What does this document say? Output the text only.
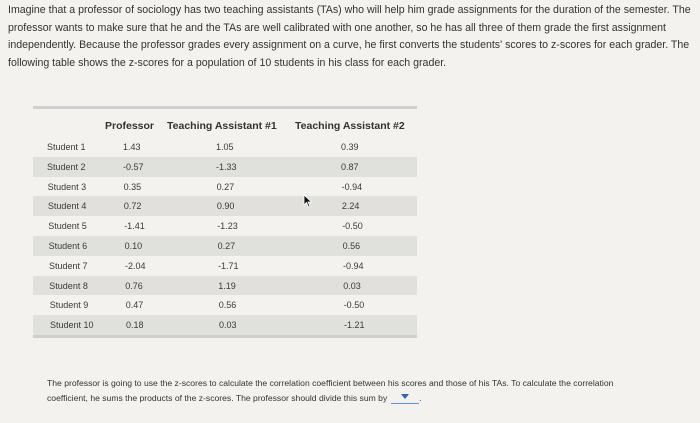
Imagine that a professor of sociology has two teaching assistants (TAs) who will help him grade assignments for the duration of the semester. The
professor wants to make sure that he and the TAs are well calibrated with one another, so he has all three of them grade the first assignment
independently. Because the professor grades every assignment on a curve, he first converts the students' scores to z-scores for each grader. The
following table shows the z-scores for a population of 10 students in his class for each grader.
Professor Teaching Assistant #1 Teaching Assistant #2
Student 1	1.43	1.05	0.39
Student 2	-0.57	-1.33	0.87
Student 3	0.35	0.27	-0.94
Student 4	0.72	0.90	2.24
Student 5	-1.41	-1.23	-0.50
Student 6	0.10	0.27	0.56
Student 7	-2.04	-1.71	-0.94
Student 8	0.76	1.19	0.03
Student 9	0.47	0.56	-0.50
Student 10	0.18	0.03	-1.21
The professor is going to use the z-scores to calculate the correlation coefficient between his scores and those of his TAs. To calculate the correlation
coefficient, he sums the products of the z-scores. The professor should divide this sum by	.
